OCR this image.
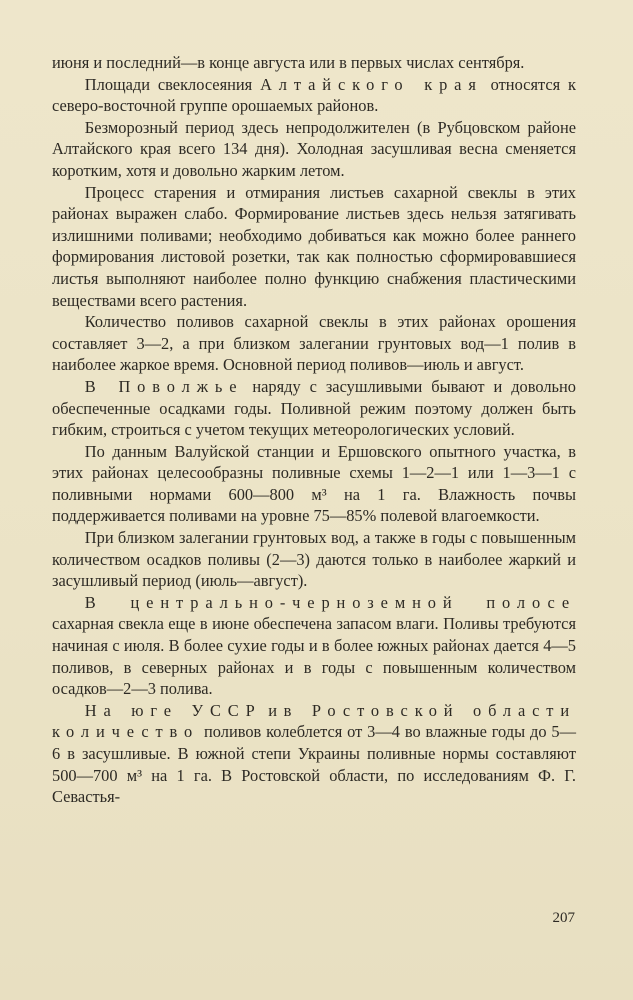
июня и последний—в конце августа или в первых числах сентября.

Площади свеклосеяния Алтайского края относятся к северо-восточной группе орошаемых районов.

Безморозный период здесь непродолжителен (в Рубцовском районе Алтайского края всего 134 дня). Холодная засушливая весна сменяется коротким, хотя и довольно жарким летом.

Процесс старения и отмирания листьев сахарной свеклы в этих районах выражен слабо. Формирование листьев здесь нельзя затягивать излишними поливами; необходимо добиваться как можно более раннего формирования листовой розетки, так как полностью сформировавшиеся листья выполняют наиболее полно функцию снабжения пластическими веществами всего растения.

Количество поливов сахарной свеклы в этих районах орошения составляет 3—2, а при близком залегании грунтовых вод—1 полив в наиболее жаркое время. Основной период поливов—июль и август.

В Поволжье наряду с засушливыми бывают и довольно обеспеченные осадками годы. Поливной режим поэтому должен быть гибким, строиться с учетом текущих метеорологических условий.

По данным Валуйской станции и Ершовского опытного участка, в этих районах целесообразны поливные схемы 1—2—1 или 1—3—1 с поливными нормами 600—800 м³ на 1 га. Влажность почвы поддерживается поливами на уровне 75—85% полевой влагоемкости.

При близком залегании грунтовых вод, а также в годы с повышенным количеством осадков поливы (2—3) даются только в наиболее жаркий и засушливый период (июль—август).

В центрально-черноземной полосе сахарная свекла еще в июне обеспечена запасом влаги. Поливы требуются начиная с июля. В более сухие годы и в более южных районах дается 4—5 поливов, в северных районах и в годы с повышенным количеством осадков—2—3 полива.

На юге УССР и в Ростовской области количество поливов колеблется от 3—4 во влажные годы до 5—6 в засушливые. В южной степи Украины поливные нормы составляют 500—700 м³ на 1 га. В Ростовской области, по исследованиям Ф. Г. Севастья-

207
